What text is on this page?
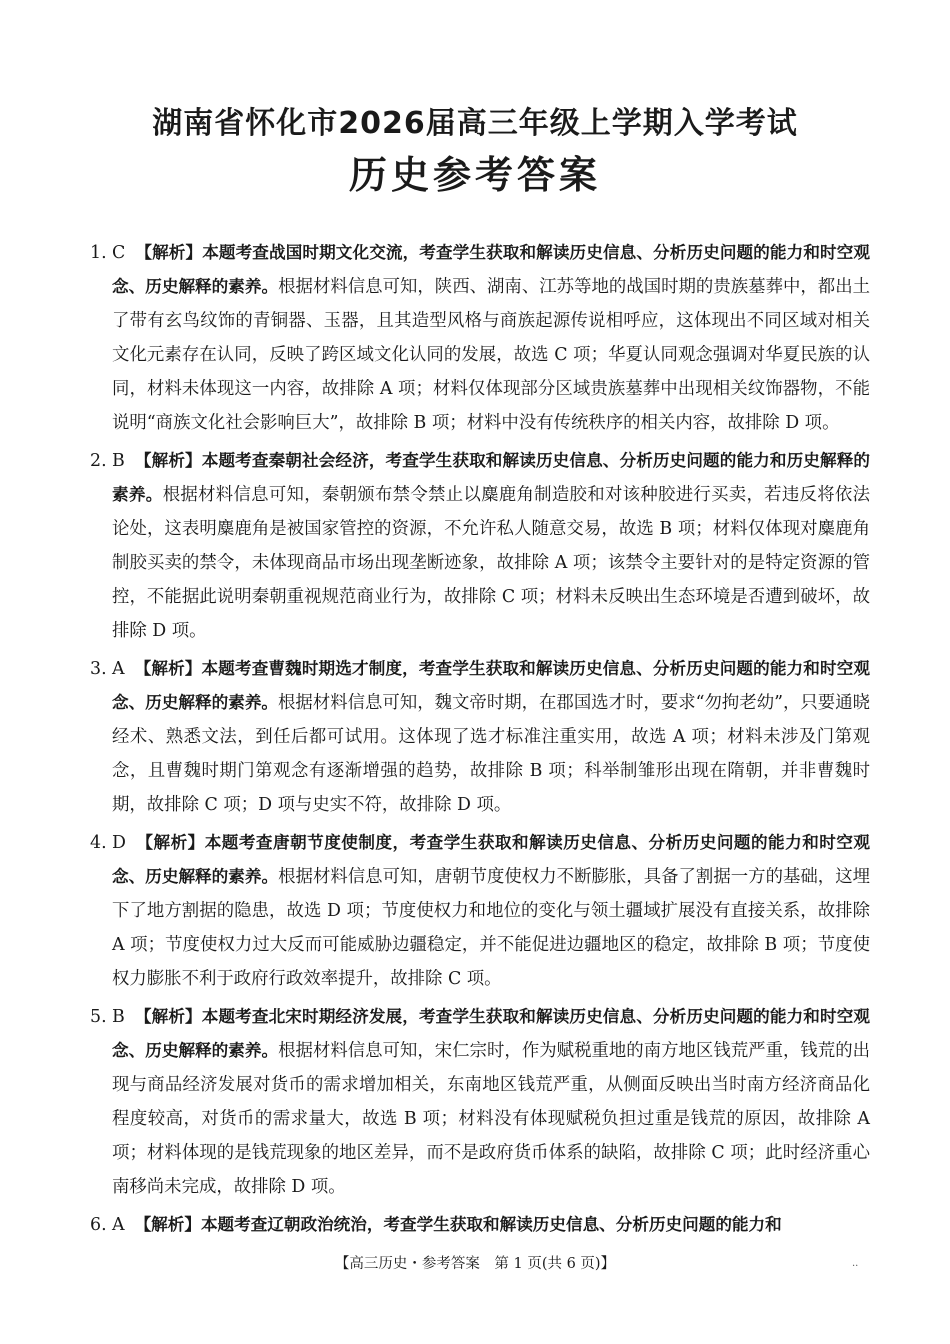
湖南省怀化市2026届高三年级上学期入学考试
历史参考答案
1. C 【解析】本题考查战国时期文化交流，考查学生获取和解读历史信息、分析历史问题的能力和时空观念、历史解释的素养。根据材料信息可知，陕西、湖南、江苏等地的战国时期的贵族墓葬中，都出土了带有玄鸟纹饰的青铜器、玉器，且其造型风格与商族起源传说相呼应，这体现出不同区域对相关文化元素存在认同，反映了跨区域文化认同的发展，故选 C 项；华夏认同观念强调对华夏民族的认同，材料未体现这一内容，故排除 A 项；材料仅体现部分区域贵族墓葬中出现相关纹饰器物，不能说明“商族文化社会影响巨大”，故排除 B 项；材料中没有传统秩序的相关内容，故排除 D 项。
2. B 【解析】本题考查秦朝社会经济，考查学生获取和解读历史信息、分析历史问题的能力和历史解释的素养。根据材料信息可知，秦朝颁布禁令禁止以麋鹿角制造胶和对该种胶进行买卖，若违反将依法论处，这表明麋鹿角是被国家管控的资源，不允许私人随意交易，故选 B 项；材料仅体现对麋鹿角制胶买卖的禁令，未体现商品市场出现垄断迹象，故排除 A 项；该禁令主要针对的是特定资源的管控，不能据此说明秦朝重视规范商业行为，故排除 C 项；材料未反映出生态环境是否遭到破坏，故排除 D 项。
3. A 【解析】本题考查曹魏时期选才制度，考查学生获取和解读历史信息、分析历史问题的能力和时空观念、历史解释的素养。根据材料信息可知，魏文帝时期，在郡国选才时，要求“勿拘老幼”，只要通晓经术、熟悉文法，到任后都可试用。这体现了选才标准注重实用，故选 A 项；材料未涉及门第观念，且曹魏时期门第观念有逐渐增强的趋势，故排除 B 项；科举制雏形出现在隋朝，并非曹魏时期，故排除 C 项；D 项与史实不符，故排除 D 项。
4. D 【解析】本题考查唐朝节度使制度，考查学生获取和解读历史信息、分析历史问题的能力和时空观念、历史解释的素养。根据材料信息可知，唐朝节度使权力不断膨胀，具备了割据一方的基础，这埋下了地方割据的隐患，故选 D 项；节度使权力和地位的变化与领土疆域扩展没有直接关系，故排除 A 项；节度使权力过大反而可能威胁边疆稳定，并不能促进边疆地区的稳定，故排除 B 项；节度使权力膨胀不利于政府行政效率提升，故排除 C 项。
5. B 【解析】本题考查北宋时期经济发展，考查学生获取和解读历史信息、分析历史问题的能力和时空观念、历史解释的素养。根据材料信息可知，宋仁宗时，作为赋税重地的南方地区钱荒严重，钱荒的出现与商品经济发展对货币的需求增加相关，东南地区钱荒严重，从侧面反映出当时南方经济商品化程度较高，对货币的需求量大，故选 B 项；材料没有体现赋税负担过重是钱荒的原因，故排除 A 项；材料体现的是钱荒现象的地区差异，而不是政府货币体系的缺陷，故排除 C 项；此时经济重心南移尚未完成，故排除 D 项。
6. A 【解析】本题考查辽朝政治统治，考查学生获取和解读历史信息、分析历史问题的能力和
【高三历史・参考答案　第 1 页(共 6 页)】	..
